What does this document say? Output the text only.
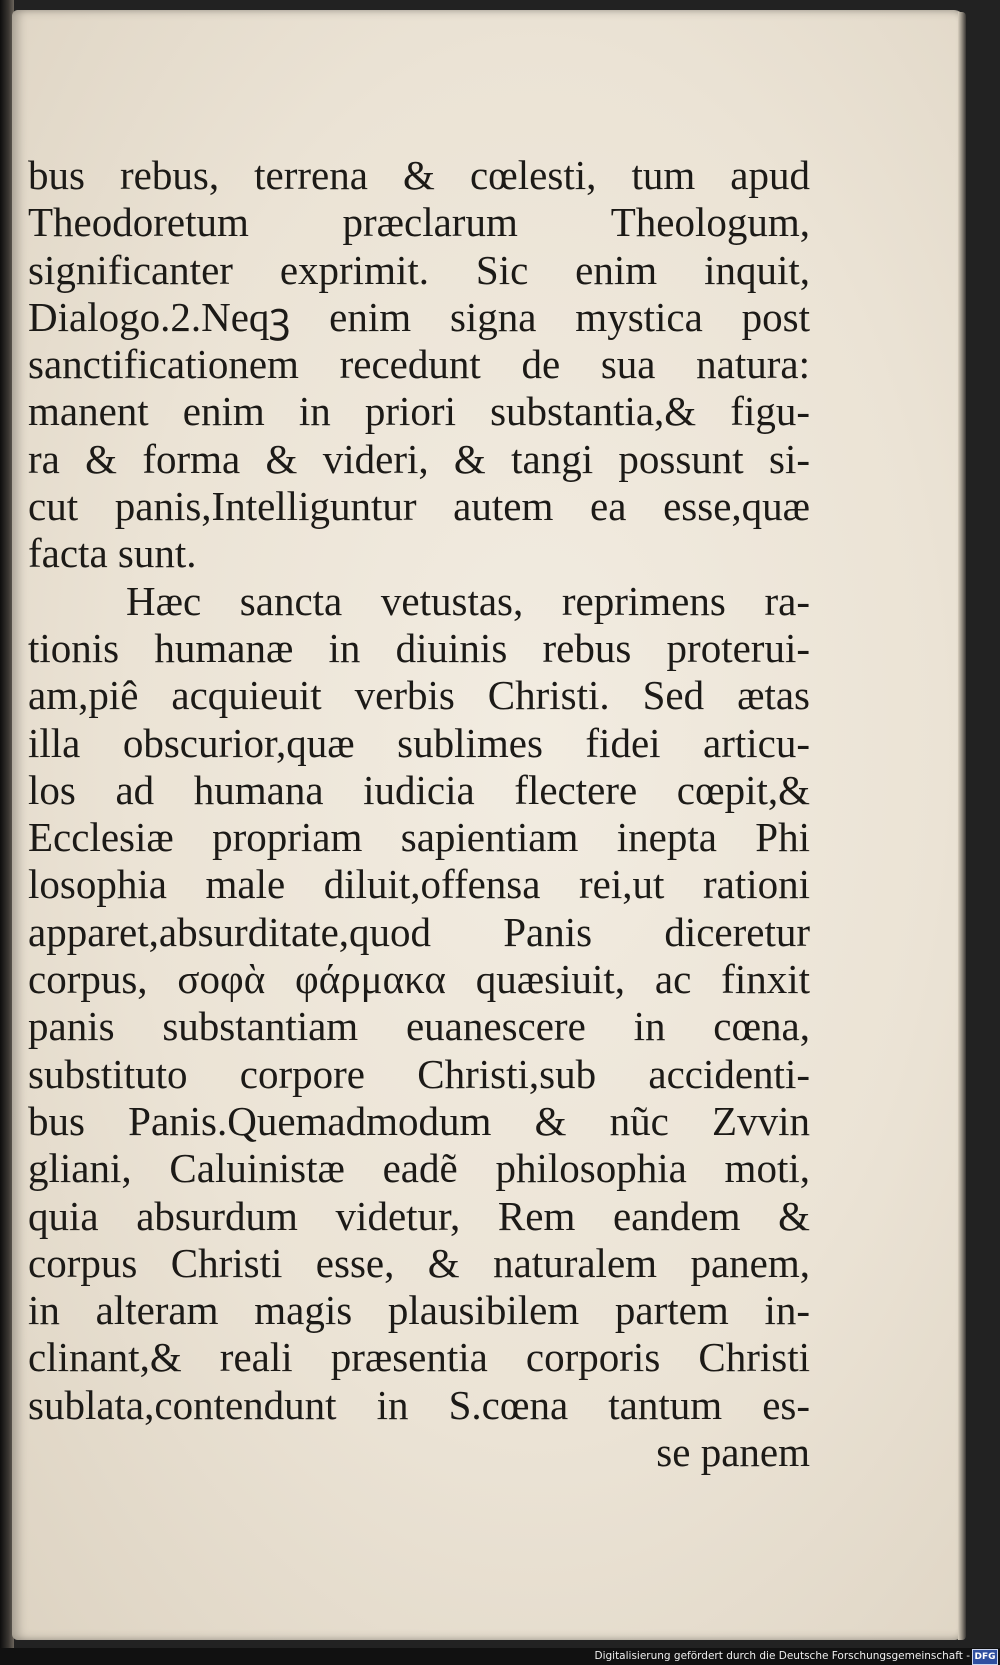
bus rebus, terrena & cœlesti, tum apud
Theodoretum præclarum Theologum,
significanter exprimit. Sic enim inquit,
Dialogo.2.Neqꝫ enim signa mystica post
sanctificationem recedunt de sua natura:
manent enim in priori substantia,& figu-
ra & forma & videri, & tangi possunt si-
cut panis,Intelliguntur autem ea esse,quæ
facta sunt.
Hæc sancta vetustas, reprimens ra-
tionis humanæ in diuinis rebus proterui-
am,piê acquieuit verbis Christi. Sed ætas
illa obscurior,quæ sublimes fidei articu-
los ad humana iudicia flectere cœpit,&
Ecclesiæ propriam sapientiam inepta Phi
losophia male diluit,offensa rei,ut rationi
apparet,absurditate,quod Panis diceretur
corpus, σοφὰ φάρμακα quæsiuit, ac finxit
panis substantiam euanescere in cœna,
substituto corpore Christi,sub accidenti-
bus Panis.Quemadmodum & nũc Zvvin
gliani, Caluinistæ eadẽ philosophia moti,
quia absurdum videtur, Rem eandem &
corpus Christi esse, & naturalem panem,
in alteram magis plausibilem partem in-
clinant,& reali præsentia corporis Christi
sublata,contendunt in S.cœna tantum es-
se panem
Digitalisierung gefördert durch die Deutsche Forschungsgemeinschaft - DFG
